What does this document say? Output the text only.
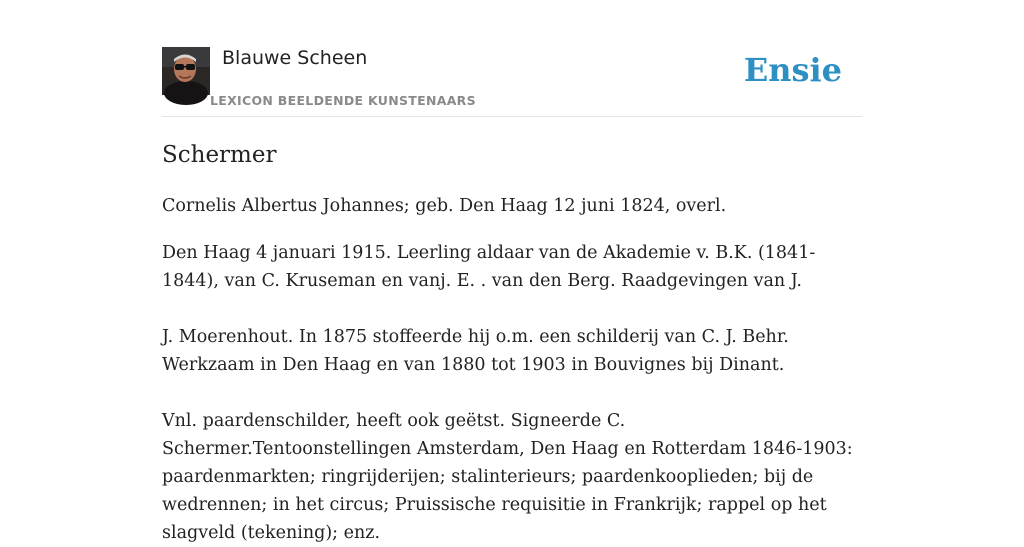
Blauwe Scheen
LEXICON BEELDENDE KUNSTENAARS
Ensie
Schermer

Cornelis Albertus Johannes; geb. Den Haag 12 juni 1824, overl.

Den Haag 4 januari 1915. Leerling aldaar van de Akademie v. B.K. (1841-1844), van C. Kruseman en vanj. E. . van den Berg. Raadgevingen van J.

J. Moerenhout. In 1875 stoffeerde hij o.m. een schilderij van C. J. Behr. Werkzaam in Den Haag en van 1880 tot 1903 in Bouvignes bij Dinant.

Vnl. paardenschilder, heeft ook geëtst. Signeerde C. Schermer.Tentoonstellingen Amsterdam, Den Haag en Rotterdam 1846-1903: paardenmarkten; ringrijderijen; stalinterieurs; paardenkooplieden; bij de wedrennen; in het circus; Pruissische requisitie in Frankrijk; rappel op het slagveld (tekening); enz.
